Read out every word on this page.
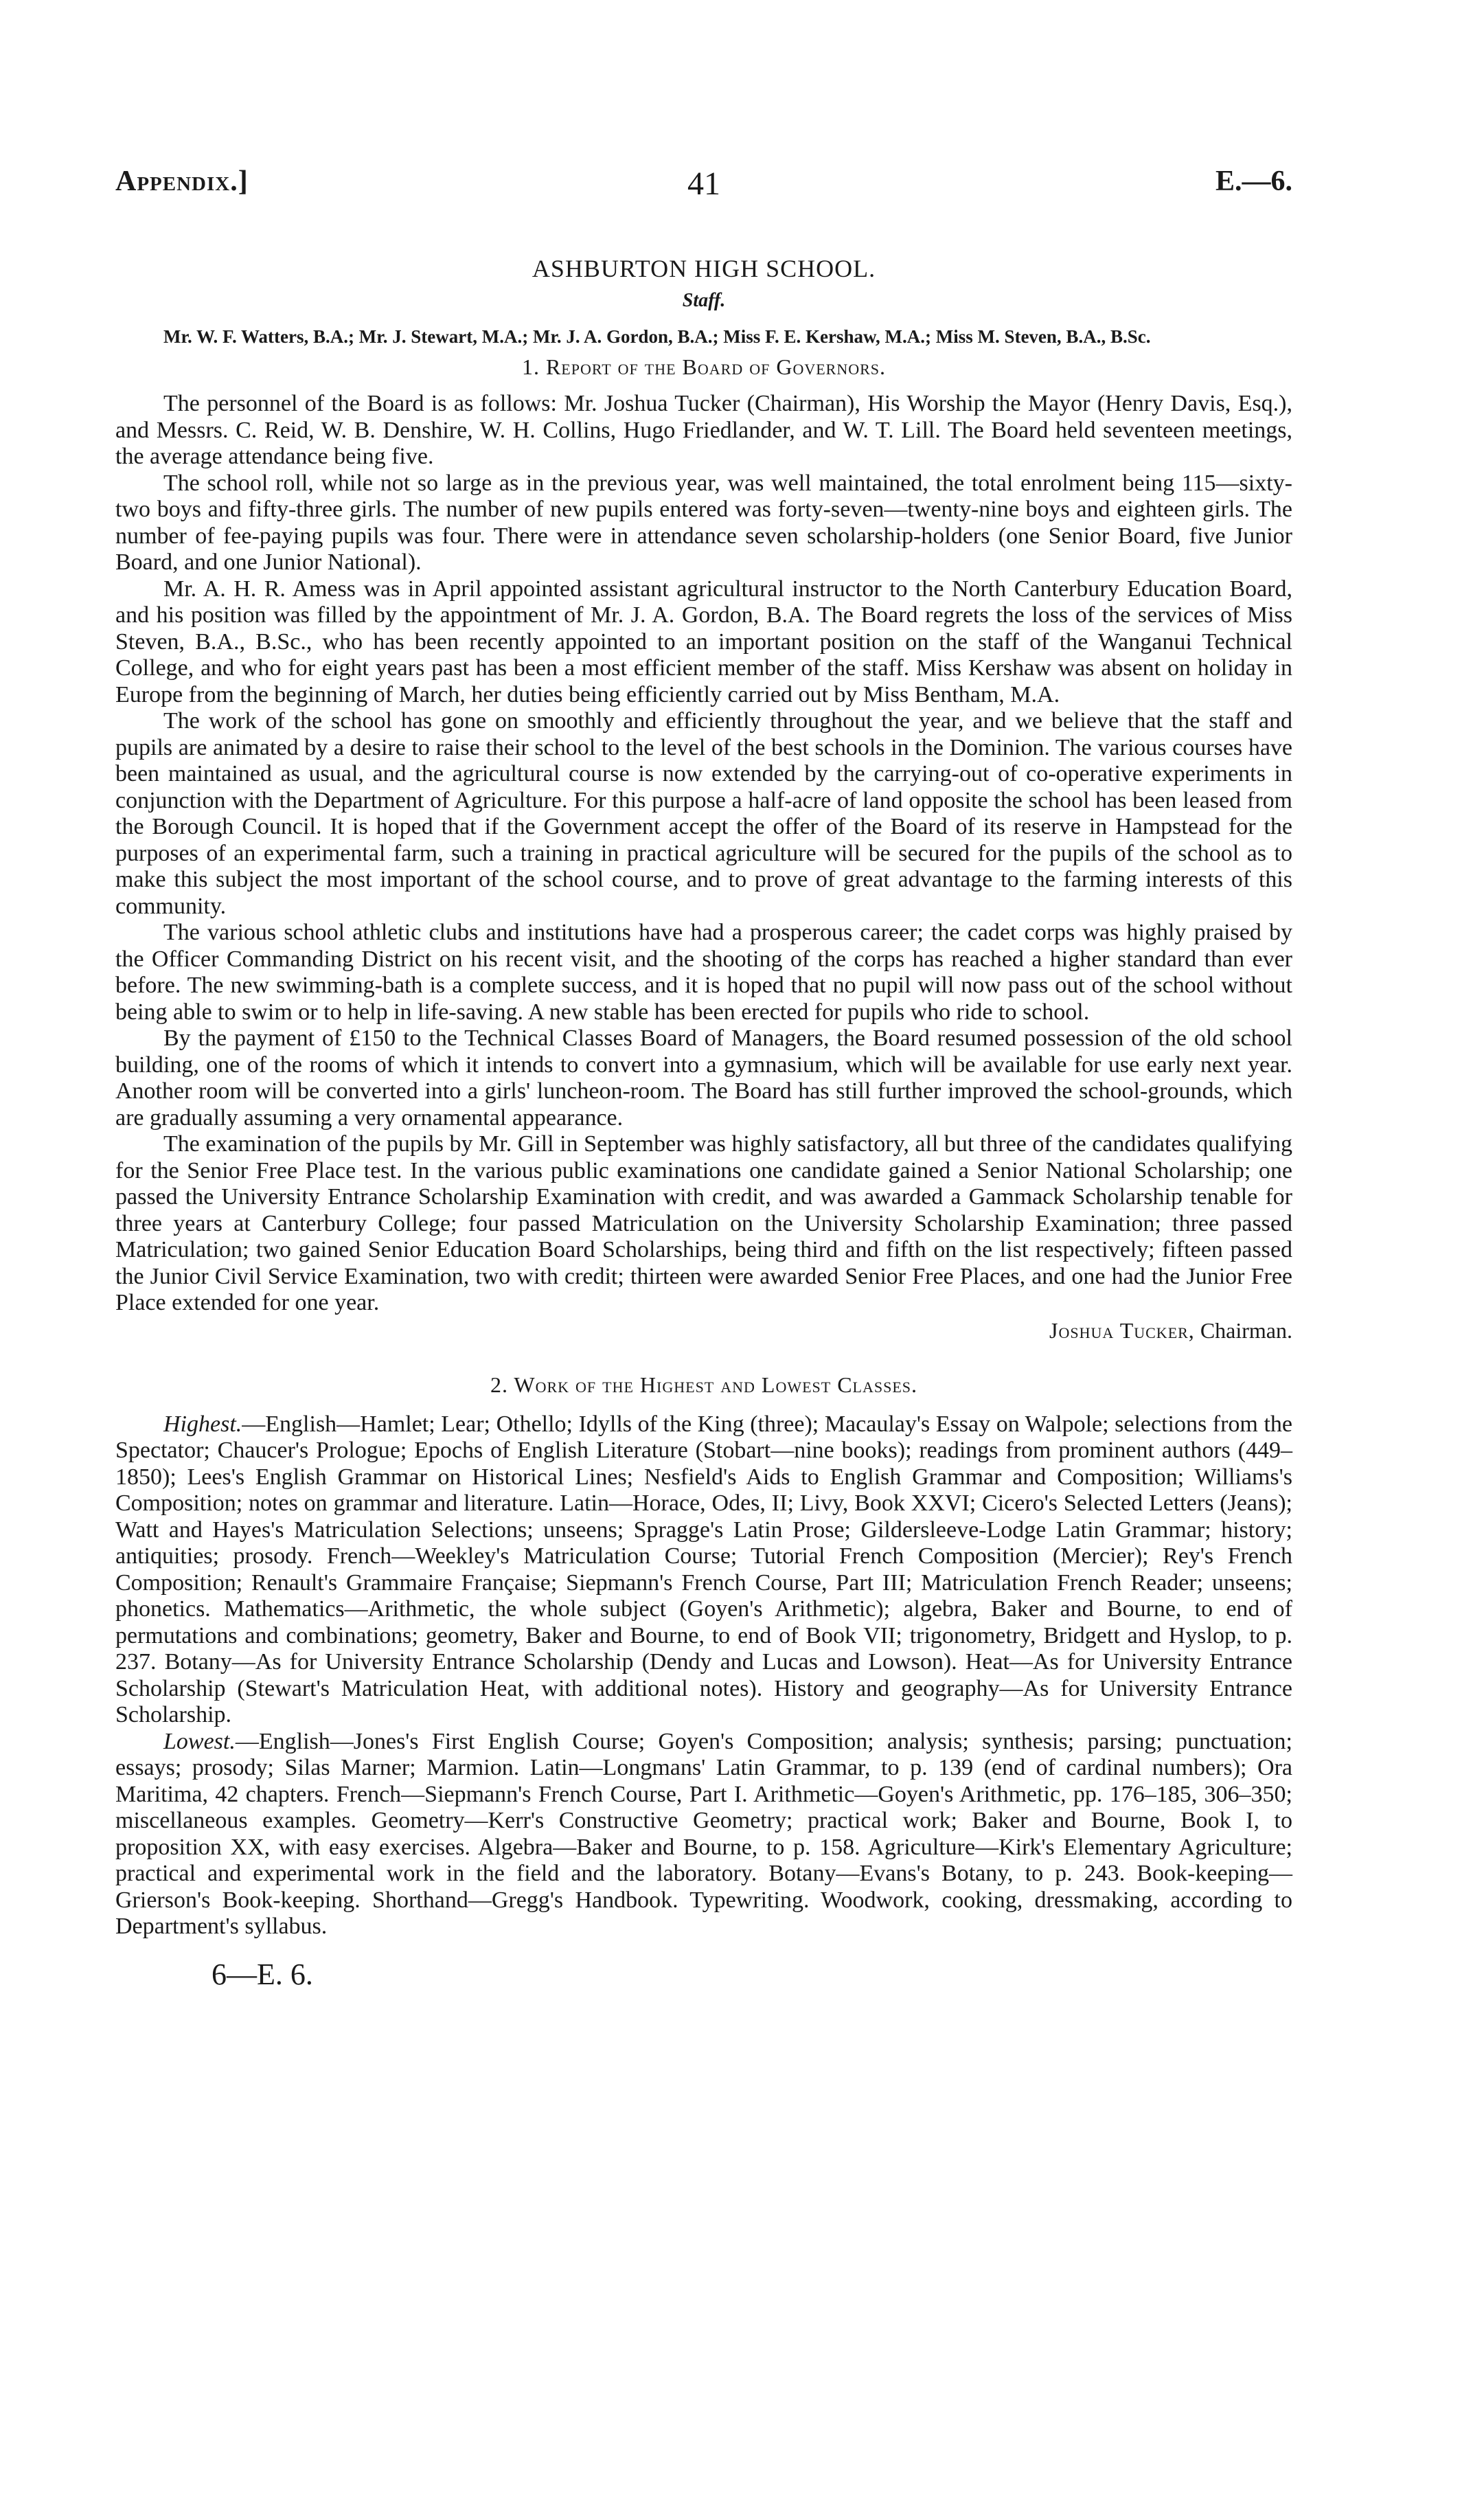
Appendix.]	41	E.—6.
ASHBURTON HIGH SCHOOL.
Staff.
Mr. W. F. Watters, B.A.; Mr. J. Stewart, M.A.; Mr. J. A. Gordon, B.A.; Miss F. E. Kershaw, M.A.; Miss M. Steven, B.A., B.Sc.
1. Report of the Board of Governors.

The personnel of the Board is as follows: Mr. Joshua Tucker (Chairman), His Worship the Mayor (Henry Davis, Esq.), and Messrs. C. Reid, W. B. Denshire, W. H. Collins, Hugo Friedlander, and W. T. Lill. The Board held seventeen meetings, the average attendance being five.

The school roll, while not so large as in the previous year, was well maintained, the total enrolment being 115—sixty-two boys and fifty-three girls. The number of new pupils entered was forty-seven—twenty-nine boys and eighteen girls. The number of fee-paying pupils was four. There were in attendance seven scholarship-holders (one Senior Board, five Junior Board, and one Junior National).

Mr. A. H. R. Amess was in April appointed assistant agricultural instructor to the North Canterbury Education Board, and his position was filled by the appointment of Mr. J. A. Gordon, B.A. The Board regrets the loss of the services of Miss Steven, B.A., B.Sc., who has been recently appointed to an important position on the staff of the Wanganui Technical College, and who for eight years past has been a most efficient member of the staff. Miss Kershaw was absent on holiday in Europe from the beginning of March, her duties being efficiently carried out by Miss Bentham, M.A.

The work of the school has gone on smoothly and efficiently throughout the year, and we believe that the staff and pupils are animated by a desire to raise their school to the level of the best schools in the Dominion. The various courses have been maintained as usual, and the agricultural course is now extended by the carrying-out of co-operative experiments in conjunction with the Department of Agriculture. For this purpose a half-acre of land opposite the school has been leased from the Borough Council. It is hoped that if the Government accept the offer of the Board of its reserve in Hampstead for the purposes of an experimental farm, such a training in practical agriculture will be secured for the pupils of the school as to make this subject the most important of the school course, and to prove of great advantage to the farming interests of this community.

The various school athletic clubs and institutions have had a prosperous career; the cadet corps was highly praised by the Officer Commanding District on his recent visit, and the shooting of the corps has reached a higher standard than ever before. The new swimming-bath is a complete success, and it is hoped that no pupil will now pass out of the school without being able to swim or to help in life-saving. A new stable has been erected for pupils who ride to school.

By the payment of £150 to the Technical Classes Board of Managers, the Board resumed possession of the old school building, one of the rooms of which it intends to convert into a gymnasium, which will be available for use early next year. Another room will be converted into a girls' luncheon-room. The Board has still further improved the school-grounds, which are gradually assuming a very ornamental appearance.

The examination of the pupils by Mr. Gill in September was highly satisfactory, all but three of the candidates qualifying for the Senior Free Place test. In the various public examinations one candidate gained a Senior National Scholarship; one passed the University Entrance Scholarship Examination with credit, and was awarded a Gammack Scholarship tenable for three years at Canterbury College; four passed Matriculation on the University Scholarship Examination; three passed Matriculation; two gained Senior Education Board Scholarships, being third and fifth on the list respectively; fifteen passed the Junior Civil Service Examination, two with credit; thirteen were awarded Senior Free Places, and one had the Junior Free Place extended for one year.

Joshua Tucker, Chairman.
2. Work of the Highest and Lowest Classes.

Highest.—English—Hamlet; Lear; Othello; Idylls of the King (three); Macaulay's Essay on Walpole; selections from the Spectator; Chaucer's Prologue; Epochs of English Literature (Stobart—nine books); readings from prominent authors (449–1850); Lees's English Grammar on Historical Lines; Nesfield's Aids to English Grammar and Composition; Williams's Composition; notes on grammar and literature. Latin—Horace, Odes, II; Livy, Book XXVI; Cicero's Selected Letters (Jeans); Watt and Hayes's Matriculation Selections; unseens; Spragge's Latin Prose; Gildersleeve-Lodge Latin Grammar; history; antiquities; prosody. French—Weekley's Matriculation Course; Tutorial French Composition (Mercier); Rey's French Composition; Renault's Grammaire Française; Siepmann's French Course, Part III; Matriculation French Reader; unseens; phonetics. Mathematics—Arithmetic, the whole subject (Goyen's Arithmetic); algebra, Baker and Bourne, to end of permutations and combinations; geometry, Baker and Bourne, to end of Book VII; trigonometry, Bridgett and Hyslop, to p. 237. Botany—As for University Entrance Scholarship (Dendy and Lucas and Lowson). Heat—As for University Entrance Scholarship (Stewart's Matriculation Heat, with additional notes). History and geography—As for University Entrance Scholarship.

Lowest.—English—Jones's First English Course; Goyen's Composition; analysis; synthesis; parsing; punctuation; essays; prosody; Silas Marner; Marmion. Latin—Longmans' Latin Grammar, to p. 139 (end of cardinal numbers); Ora Maritima, 42 chapters. French—Siepmann's French Course, Part I. Arithmetic—Goyen's Arithmetic, pp. 176–185, 306–350; miscellaneous examples. Geometry—Kerr's Constructive Geometry; practical work; Baker and Bourne, Book I, to proposition XX, with easy exercises. Algebra—Baker and Bourne, to p. 158. Agriculture—Kirk's Elementary Agriculture; practical and experimental work in the field and the laboratory. Botany—Evans's Botany, to p. 243. Book-keeping—Grierson's Book-keeping. Shorthand—Gregg's Handbook. Typewriting. Woodwork, cooking, dressmaking, according to Department's syllabus.

6—E. 6.
